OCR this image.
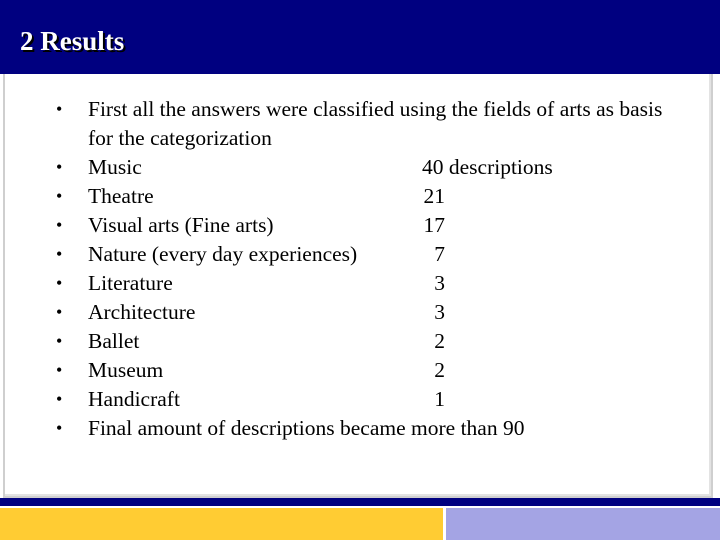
2 Results
• First all the answers were classified using the fields of arts as basis for the categorization
• Music	40 descriptions
• Theatre	21
• Visual arts (Fine arts)	17
• Nature (every day experiences)	7
• Literature	3
• Architecture	3
• Ballet	2
• Museum	2
• Handicraft	1
• Final amount of descriptions became more than 90
